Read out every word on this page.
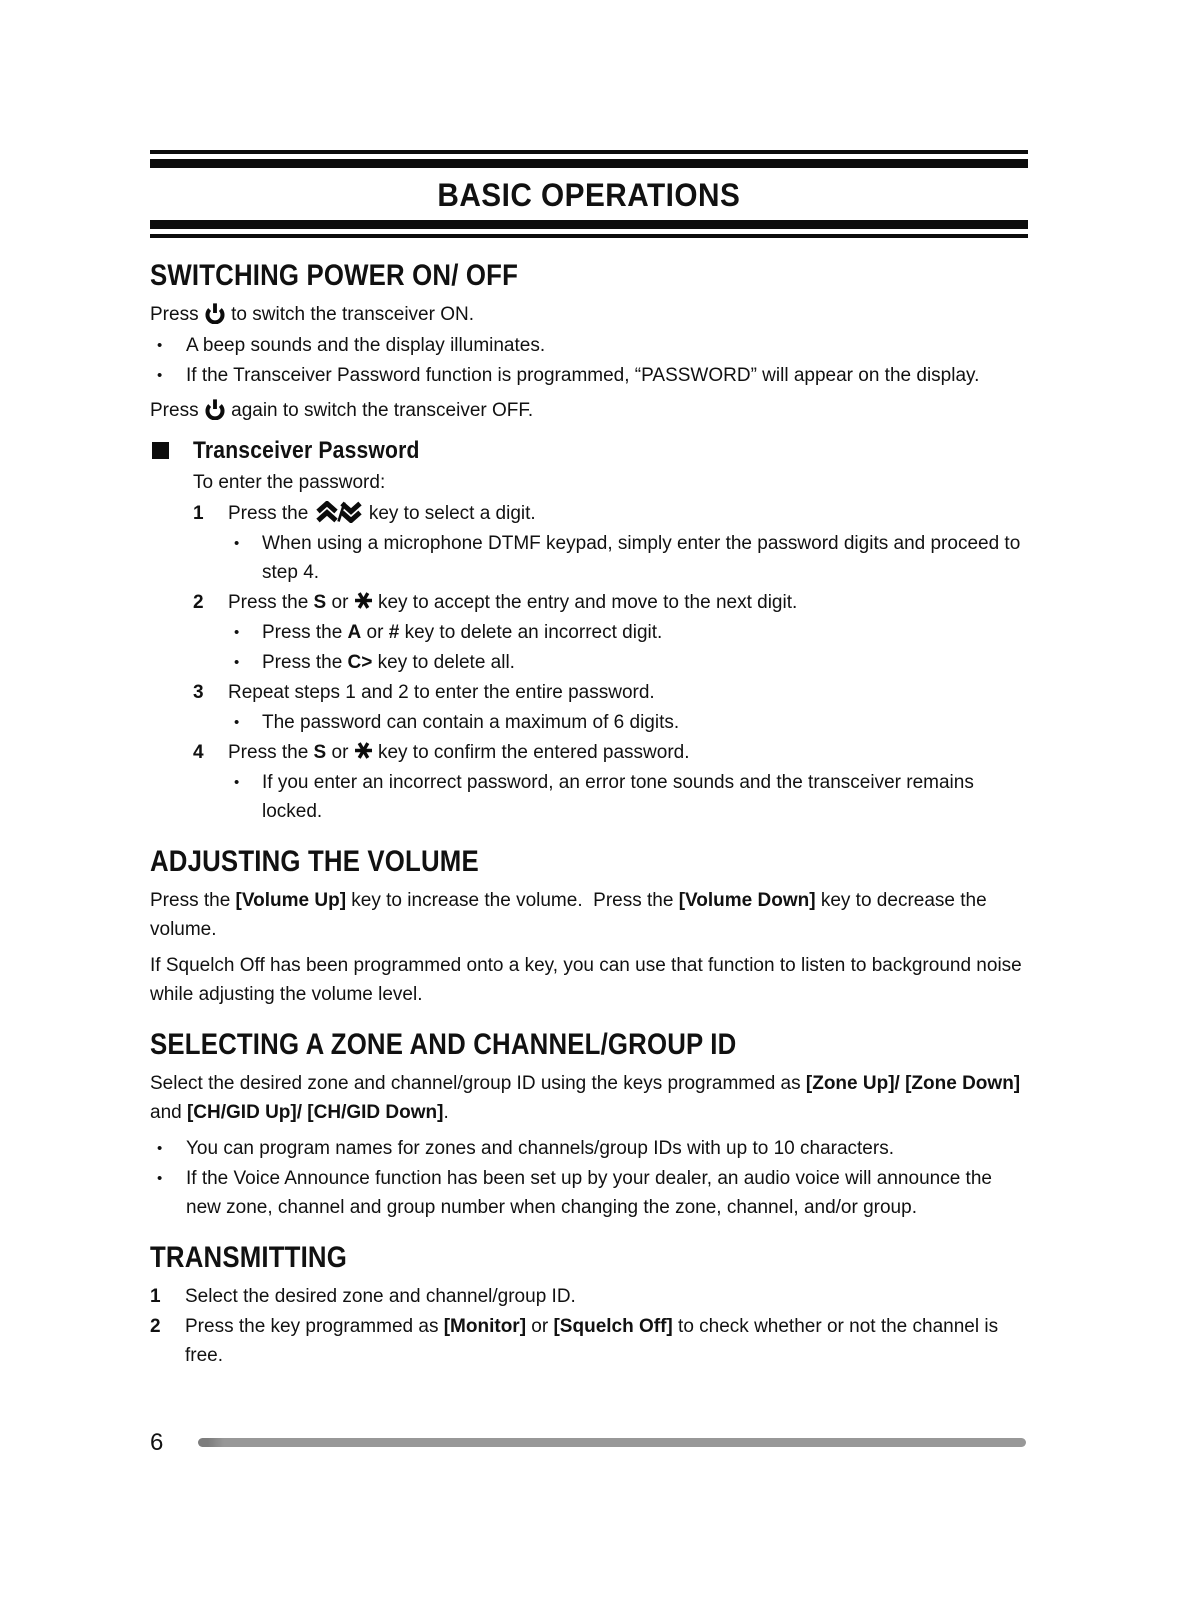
BASIC OPERATIONS
SWITCHING POWER ON/ OFF
Press  to switch the transceiver ON.
•	A beep sounds and the display illuminates.
•	If the Transceiver Password function is programmed, “PASSWORD” will appear on the display.
Press  again to switch the transceiver OFF.
Transceiver Password
To enter the password:
1	Press the	key to select a digit.
•	When using a microphone DTMF keypad, simply enter the password digits and proceed to step 4.
2	Press the S or  key to accept the entry and move to the next digit.
•	Press the A or # key to delete an incorrect digit.
•	Press the C> key to delete all.
3	Repeat steps 1 and 2 to enter the entire password.
•	The password can contain a maximum of 6 digits.
4	Press the S or  key to confirm the entered password.
•	If you enter an incorrect password, an error tone sounds and the transceiver remains locked.
ADJUSTING THE VOLUME
Press the [Volume Up] key to increase the volume.  Press the [Volume Down] key to decrease the volume.
If Squelch Off has been programmed onto a key, you can use that function to listen to background noise while adjusting the volume level.
SELECTING A ZONE AND CHANNEL/GROUP ID
Select the desired zone and channel/group ID using the keys programmed as [Zone Up]/ [Zone Down] and [CH/GID Up]/ [CH/GID Down].
•	You can program names for zones and channels/group IDs with up to 10 characters.
•	If the Voice Announce function has been set up by your dealer, an audio voice will announce the new zone, channel and group number when changing the zone, channel, and/or group.
TRANSMITTING
1	Select the desired zone and channel/group ID.
2	Press the key programmed as [Monitor] or [Squelch Off] to check whether or not the channel is free.
6
